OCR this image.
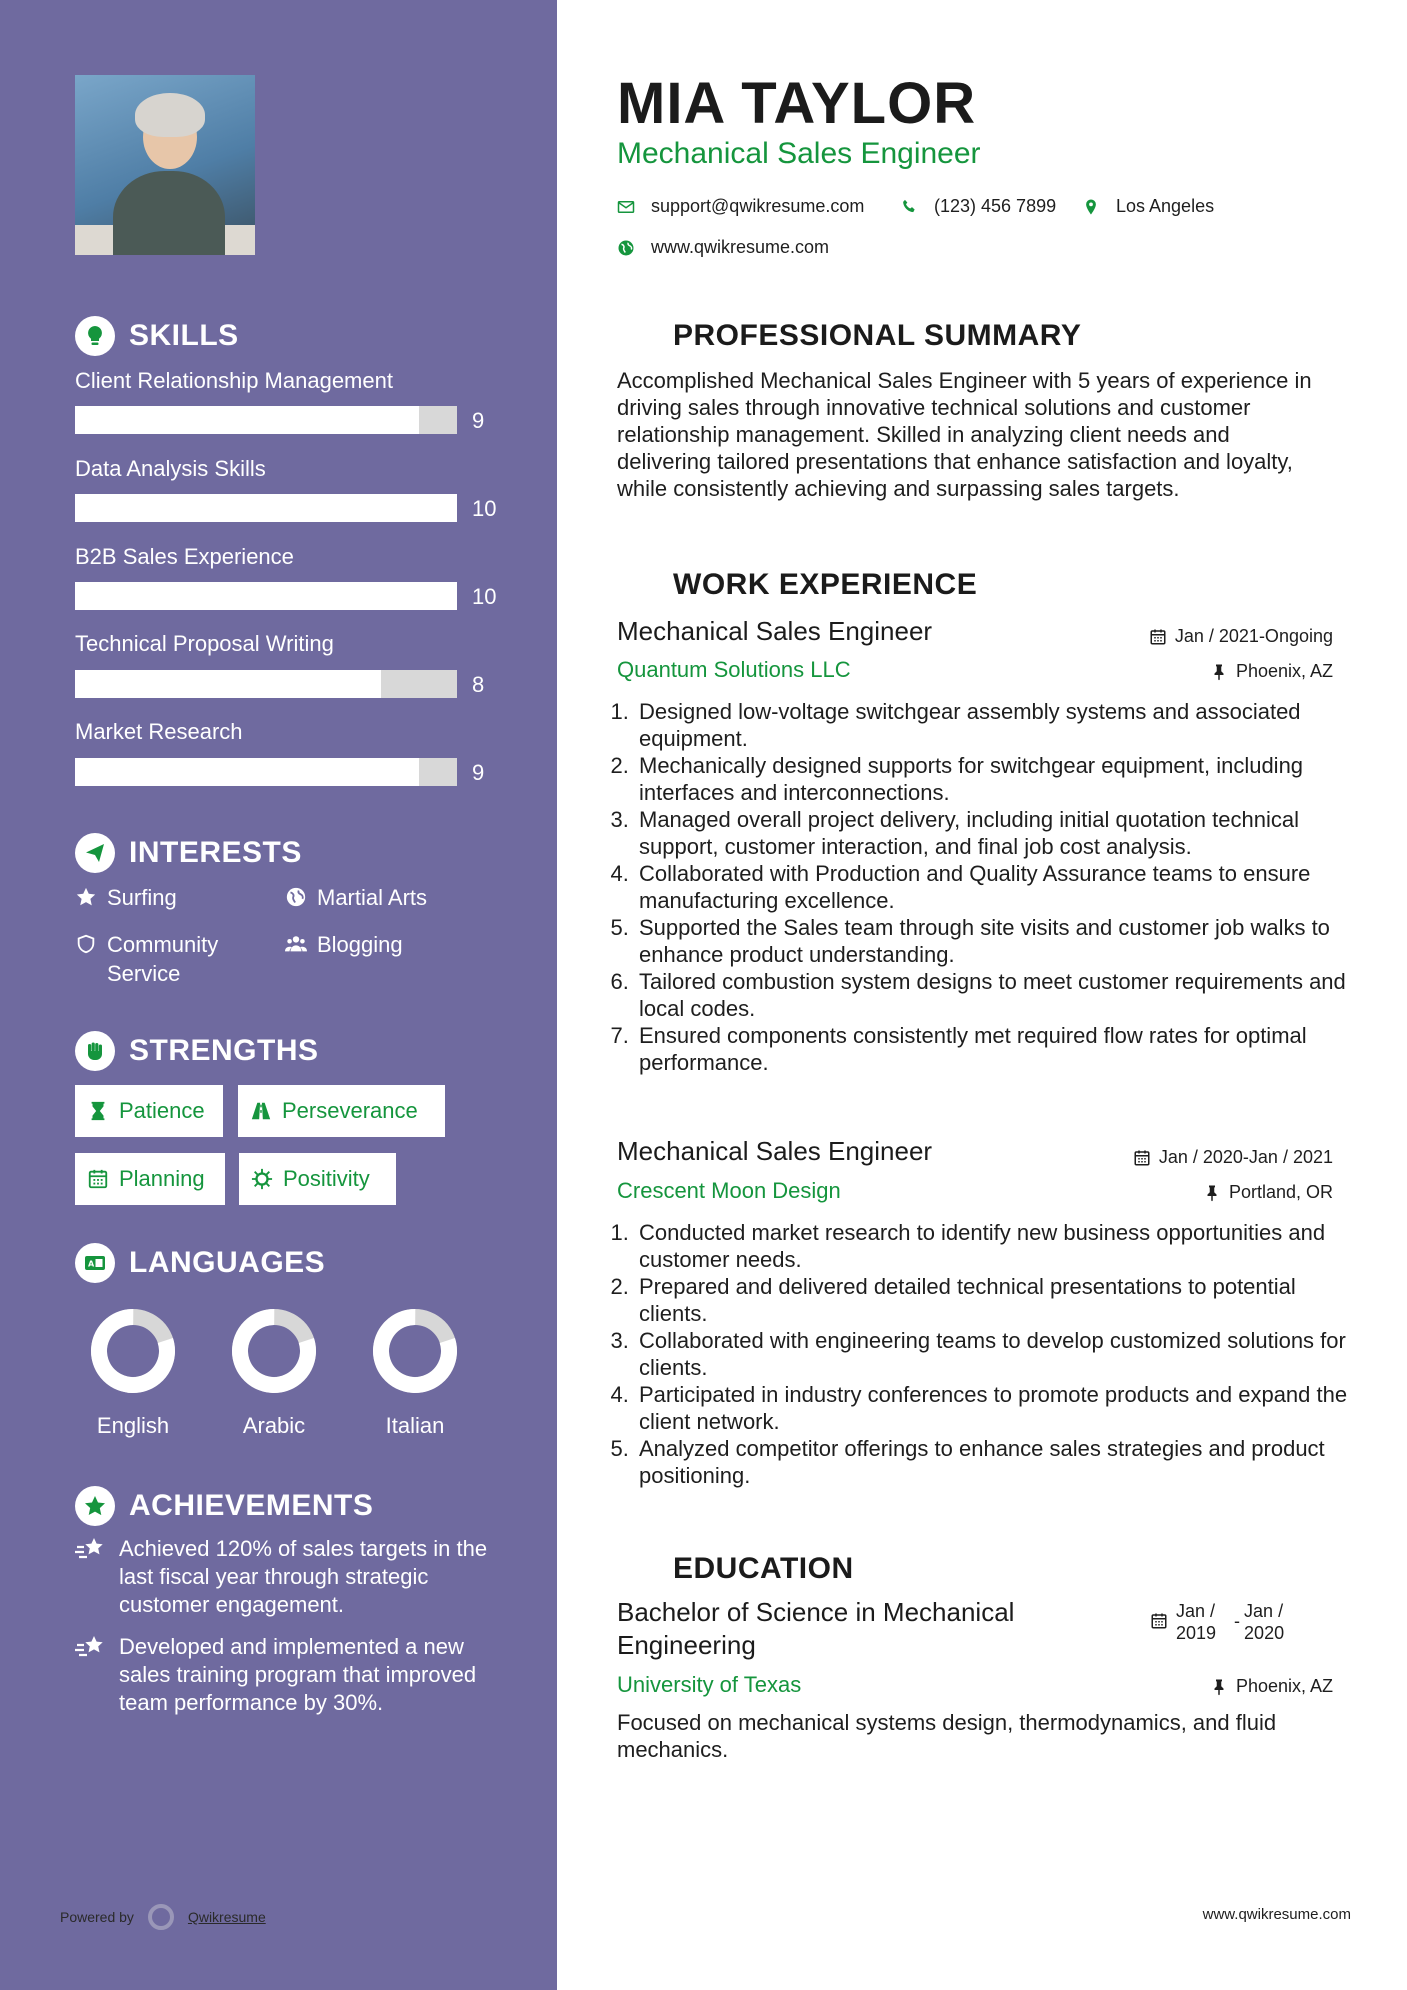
SKILLS
Client Relationship Management
9
Data Analysis Skills
10
B2B Sales Experience
10
Technical Proposal Writing
8
Market Research
9
INTERESTS
Surfing	Martial Arts
Community Service
Blogging
STRENGTHS
Patience	Perseverance
Planning	Positivity
A LANGUAGES
English	Arabic	Italian
ACHIEVEMENTS
Achieved 120% of sales targets in the last fiscal year through strategic customer engagement.
Developed and implemented a new sales training program that improved team performance by 30%.
Powered by	Qwikresume
MIA TAYLOR
Mechanical Sales Engineer
support@qwikresume.com	(123) 456 7899	Los Angeles
www.qwikresume.com
PROFESSIONAL SUMMARY
Accomplished Mechanical Sales Engineer with 5 years of experience in driving sales through innovative technical solutions and customer relationship management. Skilled in analyzing client needs and delivering tailored presentations that enhance satisfaction and loyalty, while consistently achieving and surpassing sales targets.
WORK EXPERIENCE
Mechanical Sales Engineer	Jan / 2021-Ongoing
Quantum Solutions LLC	Phoenix, AZ
1. Designed low-voltage switchgear assembly systems and associated equipment.
2. Mechanically designed supports for switchgear equipment, including interfaces and interconnections.
3. Managed overall project delivery, including initial quotation technical support, customer interaction, and final job cost analysis.
4. Collaborated with Production and Quality Assurance teams to ensure manufacturing excellence.
5. Supported the Sales team through site visits and customer job walks to enhance product understanding.
6. Tailored combustion system designs to meet customer requirements and local codes.
7. Ensured components consistently met required flow rates for optimal performance.
Mechanical Sales Engineer	Jan / 2020-Jan / 2021
Crescent Moon Design	Portland, OR
1. Conducted market research to identify new business opportunities and customer needs.
2. Prepared and delivered detailed technical presentations to potential clients.
3. Collaborated with engineering teams to develop customized solutions for clients.
4. Participated in industry conferences to promote products and expand the client network.
5. Analyzed competitor offerings to enhance sales strategies and product positioning.
EDUCATION
Bachelor of Science in Mechanical Engineering
Jan /
2019
- Jan /
2020
University of Texas	Phoenix, AZ
Focused on mechanical systems design, thermodynamics, and fluid mechanics.
www.qwikresume.com
